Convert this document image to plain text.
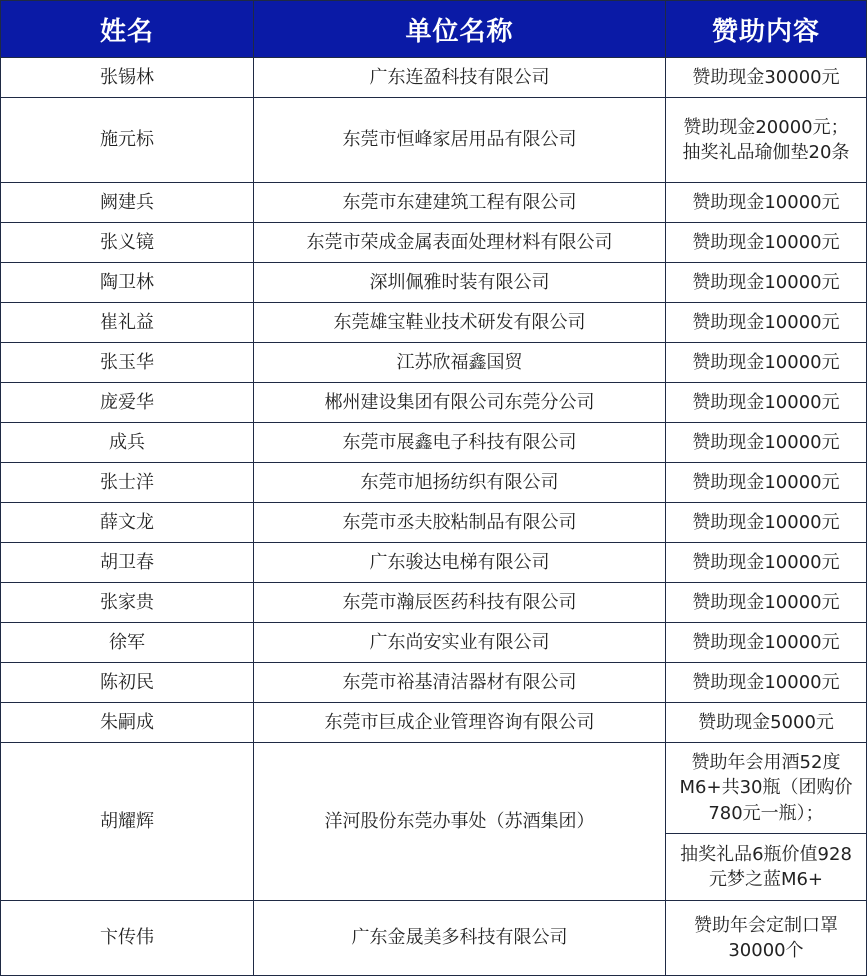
姓名	单位名称	赞助内容
张锡林	广东连盈科技有限公司	赞助现金30000元
施元标	东莞市恒峰家居用品有限公司	赞助现金20000元；
抽奖礼品瑜伽垫20条
阙建兵	东莞市东建建筑工程有限公司	赞助现金10000元
张义镜	东莞市荣成金属表面处理材料有限公司	赞助现金10000元
陶卫林	深圳佩雅时装有限公司	赞助现金10000元
崔礼益	东莞雄宝鞋业技术研发有限公司	赞助现金10000元
张玉华	江苏欣福鑫国贸	赞助现金10000元
庞爱华	郴州建设集团有限公司东莞分公司	赞助现金10000元
成兵	东莞市展鑫电子科技有限公司	赞助现金10000元
张士洋	东莞市旭扬纺织有限公司	赞助现金10000元
薛文龙	东莞市丞夫胶粘制品有限公司	赞助现金10000元
胡卫春	广东骏达电梯有限公司	赞助现金10000元
张家贵	东莞市瀚辰医药科技有限公司	赞助现金10000元
徐军	广东尚安实业有限公司	赞助现金10000元
陈初民	东莞市裕基清洁器材有限公司	赞助现金10000元
朱嗣成	东莞市巨成企业管理咨询有限公司	赞助现金5000元
胡耀辉	洋河股份东莞办事处（苏酒集团）	赞助年会用酒52度
M6+共30瓶（团购价
780元一瓶）；
		抽奖礼品6瓶价值928
元梦之蓝M6+
卞传伟	广东金晟美多科技有限公司	赞助年会定制口罩
30000个
